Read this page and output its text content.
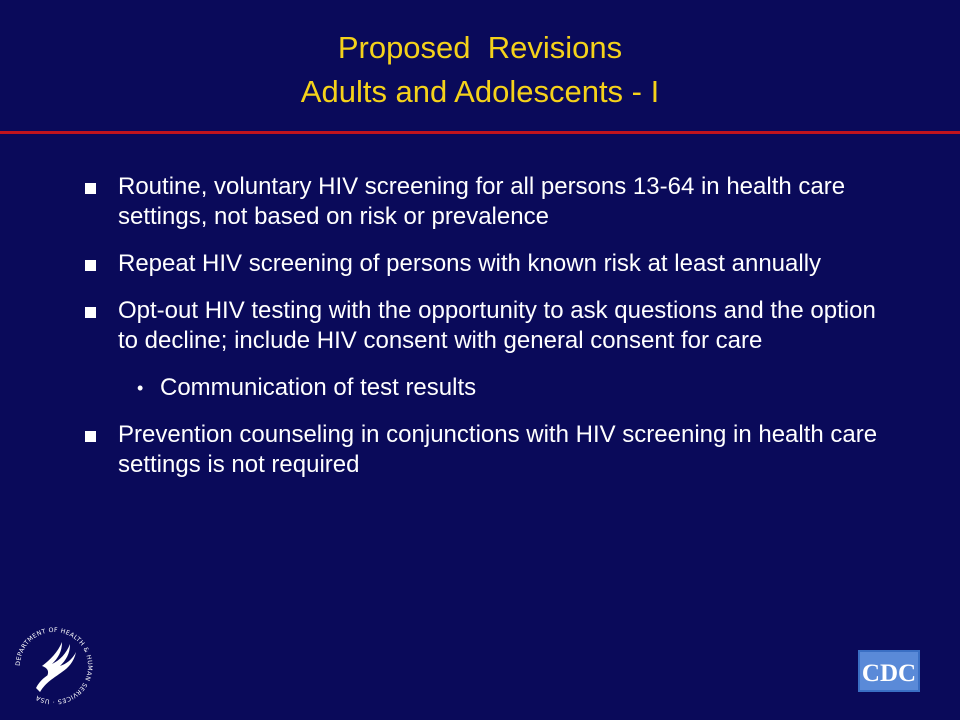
Proposed  Revisions
Adults and Adolescents - I
Routine, voluntary HIV screening for all persons 13-64 in health care settings, not based on risk or prevalence
Repeat HIV screening of persons with known risk at least annually
Opt-out HIV testing with the opportunity to ask questions and the option to decline; include HIV consent with general consent for care
• Communication of test results
Prevention counseling in conjunctions with HIV screening in health care settings is not required
DEPARTMENT OF HEALTH & HUMAN SERVICES · USA
CDC
